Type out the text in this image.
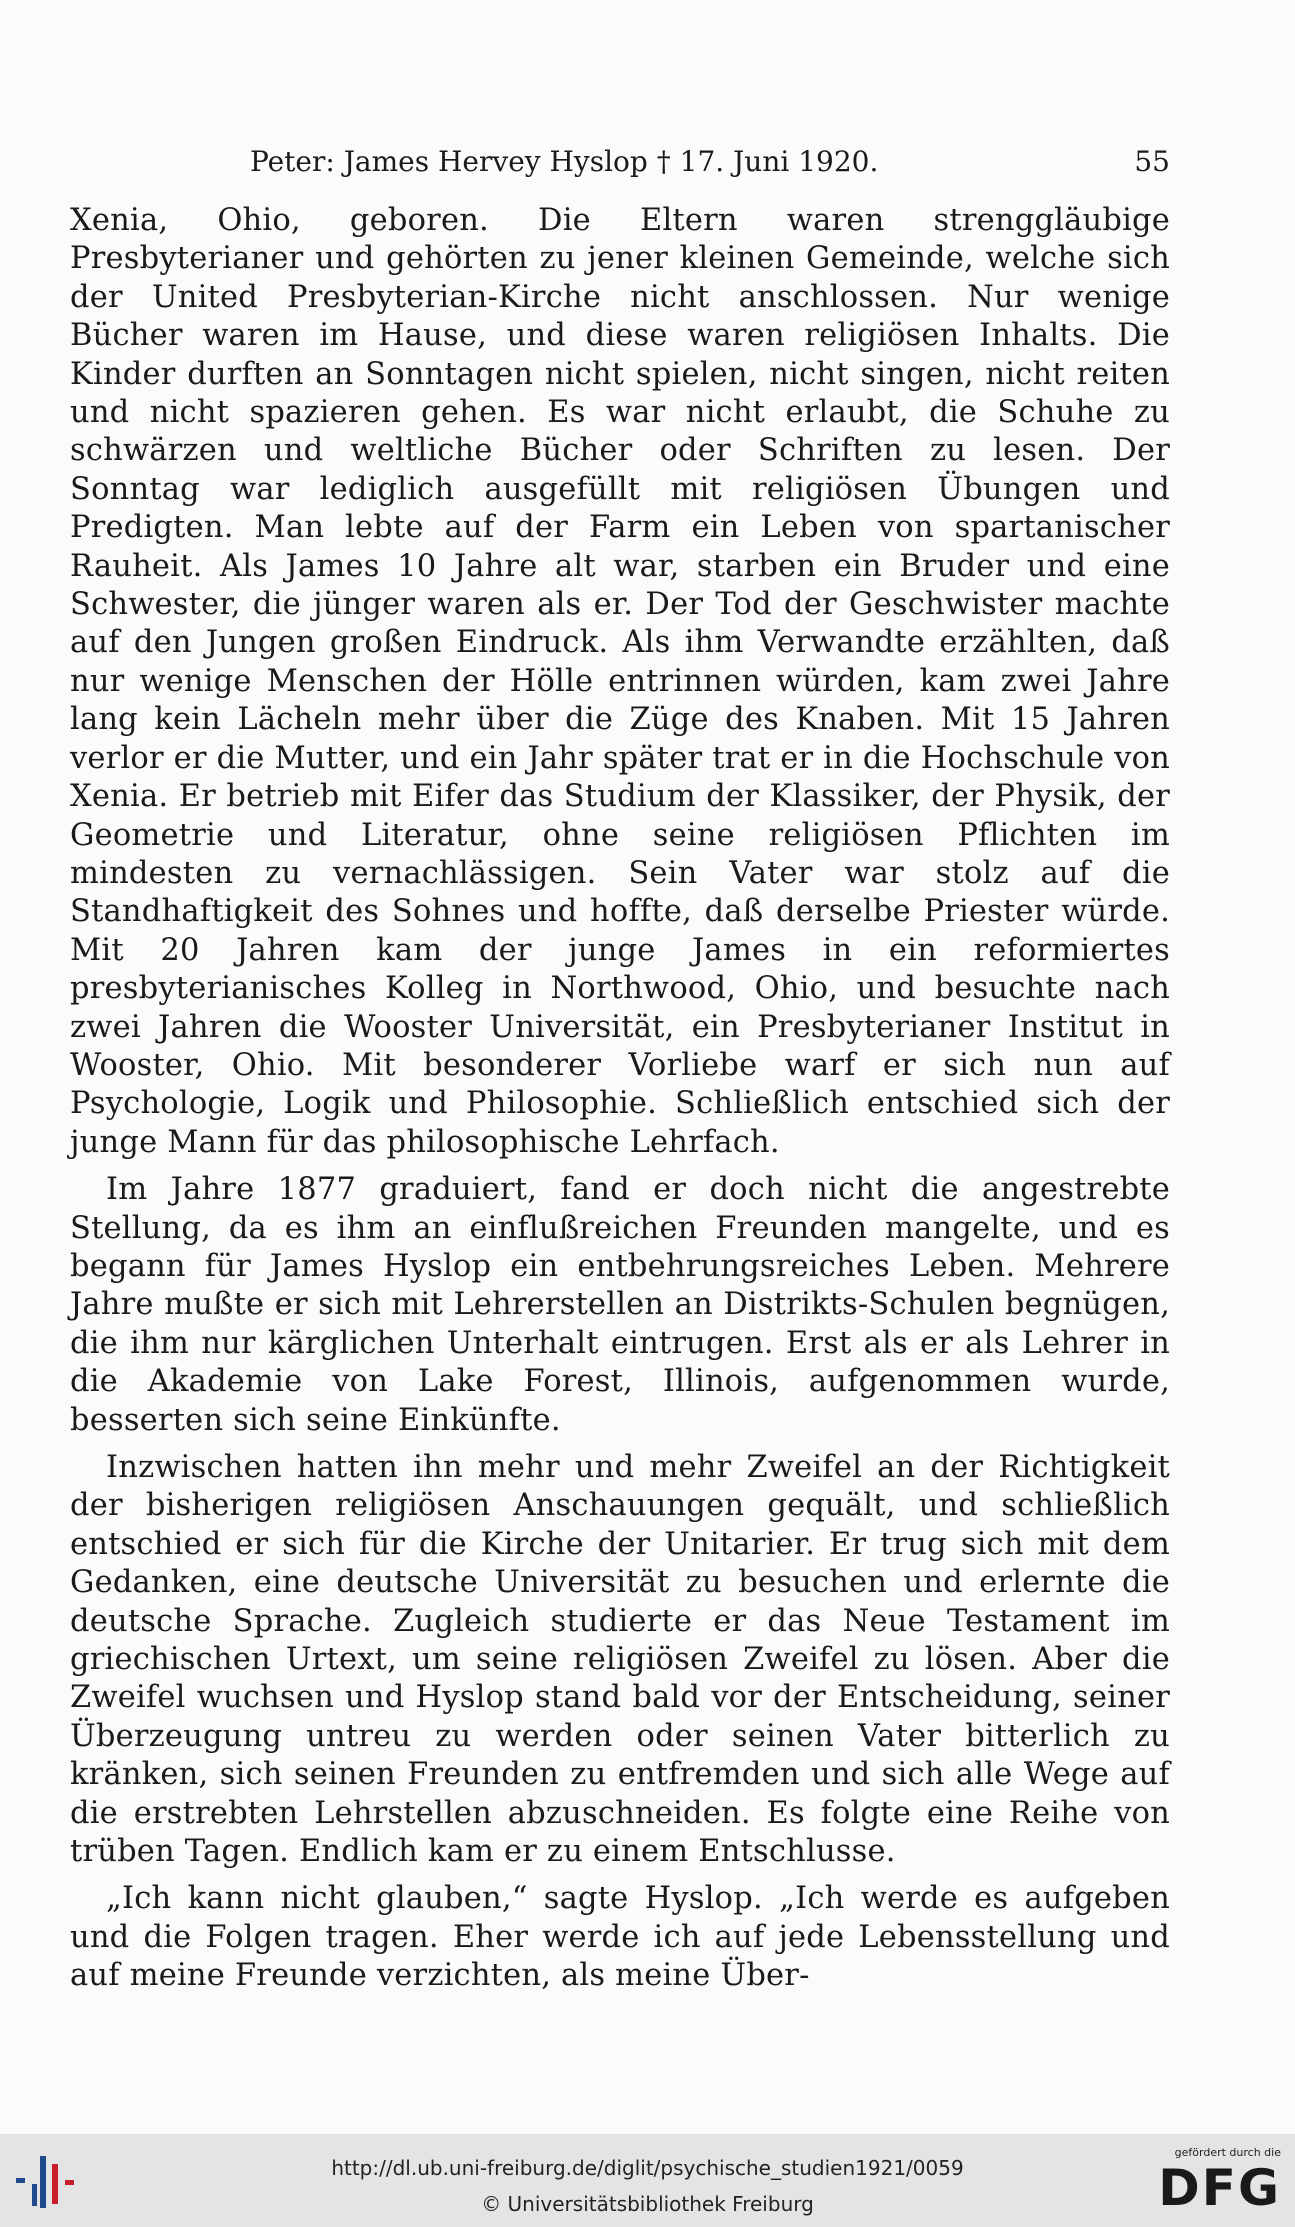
Peter: James Hervey Hyslop † 17. Juni 1920.	55

Xenia, Ohio, geboren. Die Eltern waren strenggläubige Presbyterianer und gehörten zu jener kleinen Gemeinde, welche sich der United Presbyterian-Kirche nicht anschlossen. Nur wenige Bücher waren im Hause, und diese waren religiösen Inhalts. Die Kinder durften an Sonntagen nicht spielen, nicht singen, nicht reiten und nicht spazieren gehen. Es war nicht erlaubt, die Schuhe zu schwärzen und weltliche Bücher oder Schriften zu lesen. Der Sonntag war lediglich ausgefüllt mit religiösen Übungen und Predigten. Man lebte auf der Farm ein Leben von spartanischer Rauheit. Als James 10 Jahre alt war, starben ein Bruder und eine Schwester, die jünger waren als er. Der Tod der Geschwister machte auf den Jungen großen Eindruck. Als ihm Verwandte erzählten, daß nur wenige Menschen der Hölle entrinnen würden, kam zwei Jahre lang kein Lächeln mehr über die Züge des Knaben. Mit 15 Jahren verlor er die Mutter, und ein Jahr später trat er in die Hochschule von Xenia. Er betrieb mit Eifer das Studium der Klassiker, der Physik, der Geometrie und Literatur, ohne seine religiösen Pflichten im mindesten zu vernachlässigen. Sein Vater war stolz auf die Standhaftigkeit des Sohnes und hoffte, daß derselbe Priester würde. Mit 20 Jahren kam der junge James in ein reformiertes presbyterianisches Kolleg in Northwood, Ohio, und besuchte nach zwei Jahren die Wooster Universität, ein Presbyterianer Institut in Wooster, Ohio. Mit besonderer Vorliebe warf er sich nun auf Psychologie, Logik und Philosophie. Schließlich entschied sich der junge Mann für das philosophische Lehrfach.

Im Jahre 1877 graduiert, fand er doch nicht die angestrebte Stellung, da es ihm an einflußreichen Freunden mangelte, und es begann für James Hyslop ein entbehrungsreiches Leben. Mehrere Jahre mußte er sich mit Lehrerstellen an Distrikts-Schulen begnügen, die ihm nur kärglichen Unterhalt eintrugen. Erst als er als Lehrer in die Akademie von Lake Forest, Illinois, aufgenommen wurde, besserten sich seine Einkünfte.

Inzwischen hatten ihn mehr und mehr Zweifel an der Richtigkeit der bisherigen religiösen Anschauungen gequält, und schließlich entschied er sich für die Kirche der Unitarier. Er trug sich mit dem Gedanken, eine deutsche Universität zu besuchen und erlernte die deutsche Sprache. Zugleich studierte er das Neue Testament im griechischen Urtext, um seine religiösen Zweifel zu lösen. Aber die Zweifel wuchsen und Hyslop stand bald vor der Entscheidung, seiner Überzeugung untreu zu werden oder seinen Vater bitterlich zu kränken, sich seinen Freunden zu entfremden und sich alle Wege auf die erstrebten Lehrstellen abzuschneiden. Es folgte eine Reihe von trüben Tagen. Endlich kam er zu einem Entschlusse.

„Ich kann nicht glauben,“ sagte Hyslop. „Ich werde es aufgeben und die Folgen tragen. Eher werde ich auf jede Lebensstellung und auf meine Freunde verzichten, als meine Über-

http://dl.ub.uni-freiburg.de/diglit/psychische_studien1921/0059
© Universitätsbibliothek Freiburg
gefördert durch die
DFG
